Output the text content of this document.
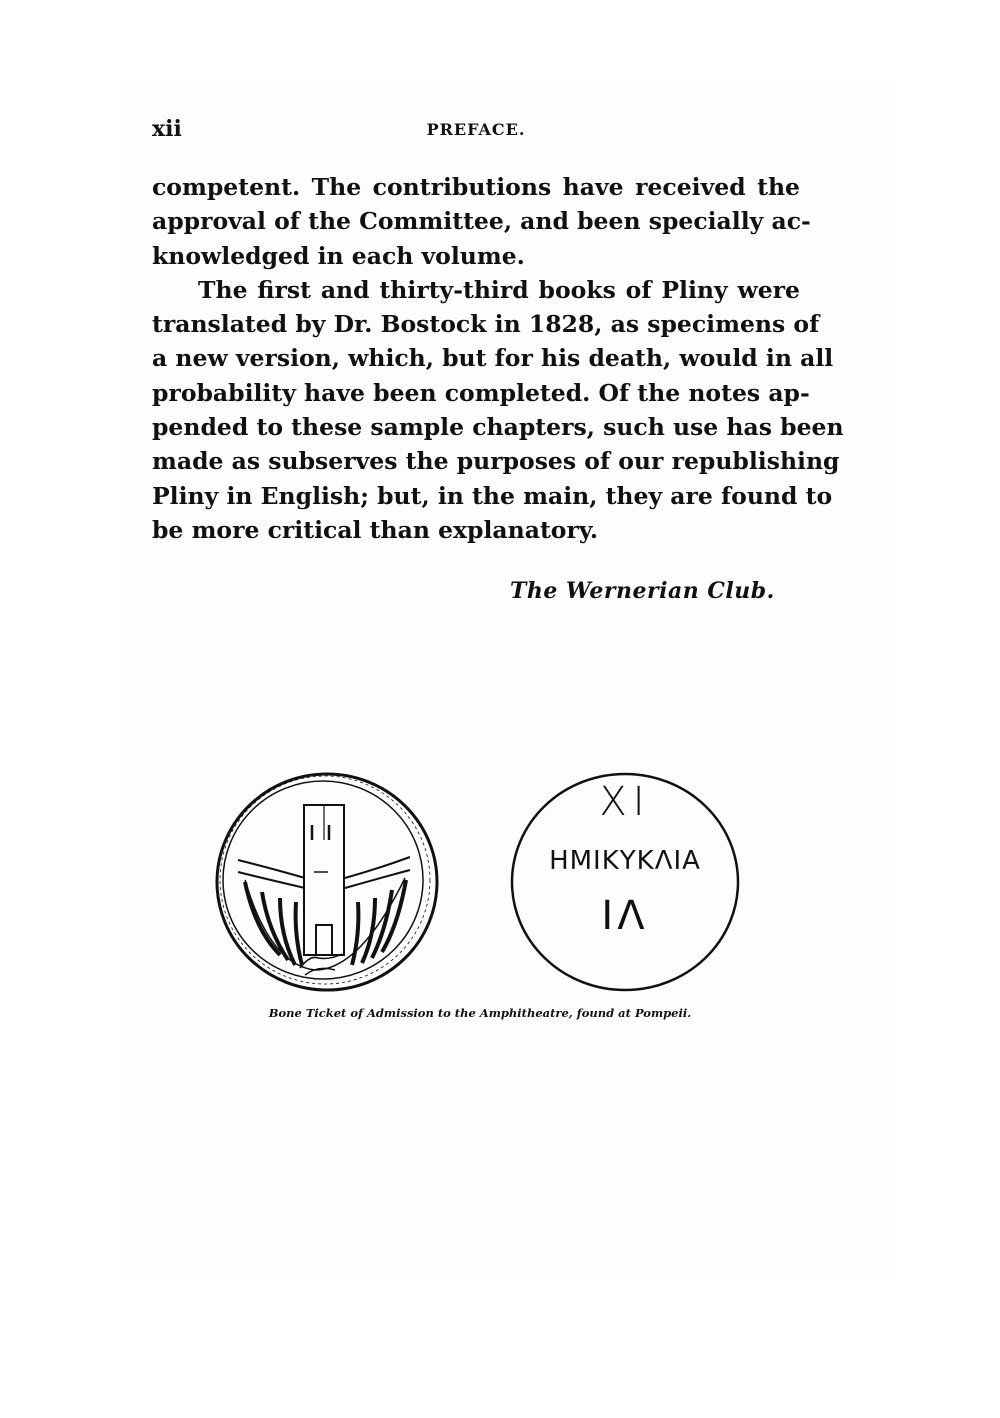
xii	PREFACE.

competent. The contributions have received the
approval of the Committee, and been specially ac-
knowledged in each volume.

The first and thirty-third books of Pliny were
translated by Dr. Bostock in 1828, as specimens of
a new version, which, but for his death, would in all
probability have been completed. Of the notes ap-
pended to these sample chapters, such use has been
made as subserves the purposes of our republishing
Pliny in English; but, in the main, they are found to
be more critical than explanatory.

The Wernerian Club.
XI
ΗΜΙΚΥΚΛΙΑ
ΙΛ
Bone Ticket of Admission to the Amphitheatre, found at Pompeii.
